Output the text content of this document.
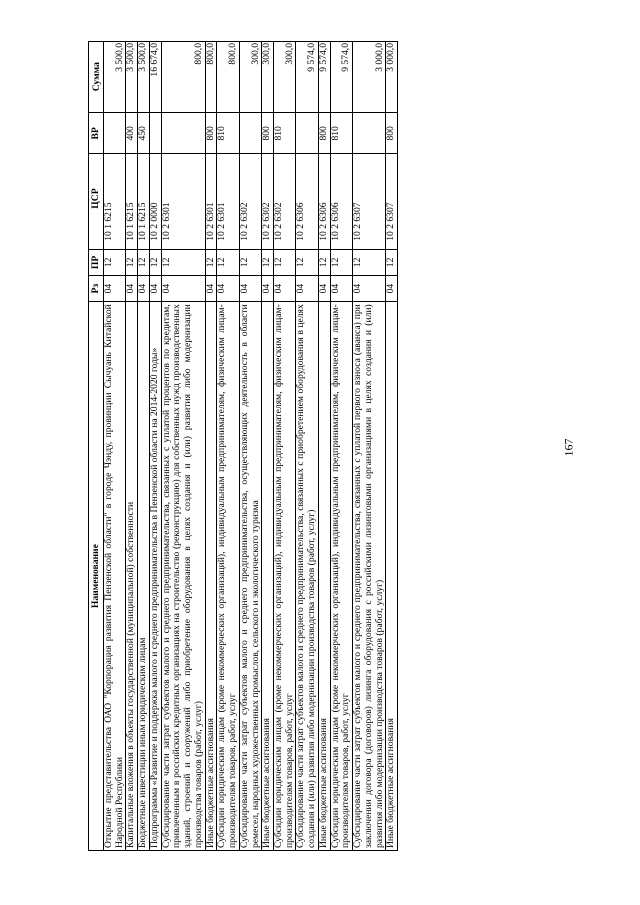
167
Наименование	Рз	ПР	ЦСР	ВР	Сумма
Открытие представительства ОАО "Корпорация развития Пензенской области" в городе Чэнду, провинции Сычуань Китайской Народной Республики	04	12	10 1 6215		3 500,0
Капитальные вложения в объекты государственной (муниципальной) собственности	04	12	10 1 6215	400	3 500,0
Бюджетные инвестиции иным юридическим лицам	04	12	10 1 6215	450	3 500,0
Подпрограмма «Развитие и поддержка малого и среднего предпринимательства в Пензенской области на 2014-2020 годы»	04	12	10 2 0000		16 674,0
Субсидирование части затрат субъектов малого и среднего предпринимательства, связанных с уплатой процентов по кредитам, привлеченным в российских кредитных организациях на строительство (реконструкцию) для собственных нужд производственных зданий, строений и сооружений либо приобретение оборудования в целях создания и (или) развития либо модернизации производства товаров (работ, услуг)	04	12	10 2 6301		800,0
Иные бюджетные ассигнования	04	12	10 2 6301	800	800,0
Субсидии юридическим лицам (кроме некоммерческих организаций), индивидуальным предпринимателям, физическим лицам-производителям товаров, работ, услуг	04	12	10 2 6301	810	800,0
Субсидирование части затрат субъектов малого и среднего предпринимательства, осуществляющих деятельность в области ремесел, народных художественных промыслов, сельского и экологического туризма	04	12	10 2 6302		300,0
Иные бюджетные ассигнования	04	12	10 2 6302	800	300,0
Субсидии юридическим лицам (кроме некоммерческих организаций), индивидуальным предпринимателям, физическим лицам-производителям товаров, работ, услуг	04	12	10 2 6302	810	300,0
Субсидирование части затрат субъектов малого и среднего предпринимательства, связанных с приобретением оборудования в целях создания и (или) развития либо модернизации производства товаров (работ, услуг)	04	12	10 2 6306		9 574,0
Иные бюджетные ассигнования	04	12	10 2 6306	800	9 574,0
Субсидии юридическим лицам (кроме некоммерческих организаций), индивидуальным предпринимателям, физическим лицам-производителям товаров, работ, услуг	04	12	10 2 6306	810	9 574,0
Субсидирование части затрат субъектов малого и среднего предпринимательства, связанных с уплатой первого взноса (аванса) при заключении договора (договоров) лизинга оборудования с российскими лизинговыми организациями в целях создания и (или) развития либо модернизации производства товаров (работ, услуг)	04	12	10 2 6307		3 000,0
Иные бюджетные ассигнования	04	12	10 2 6307	800	3 000,0
